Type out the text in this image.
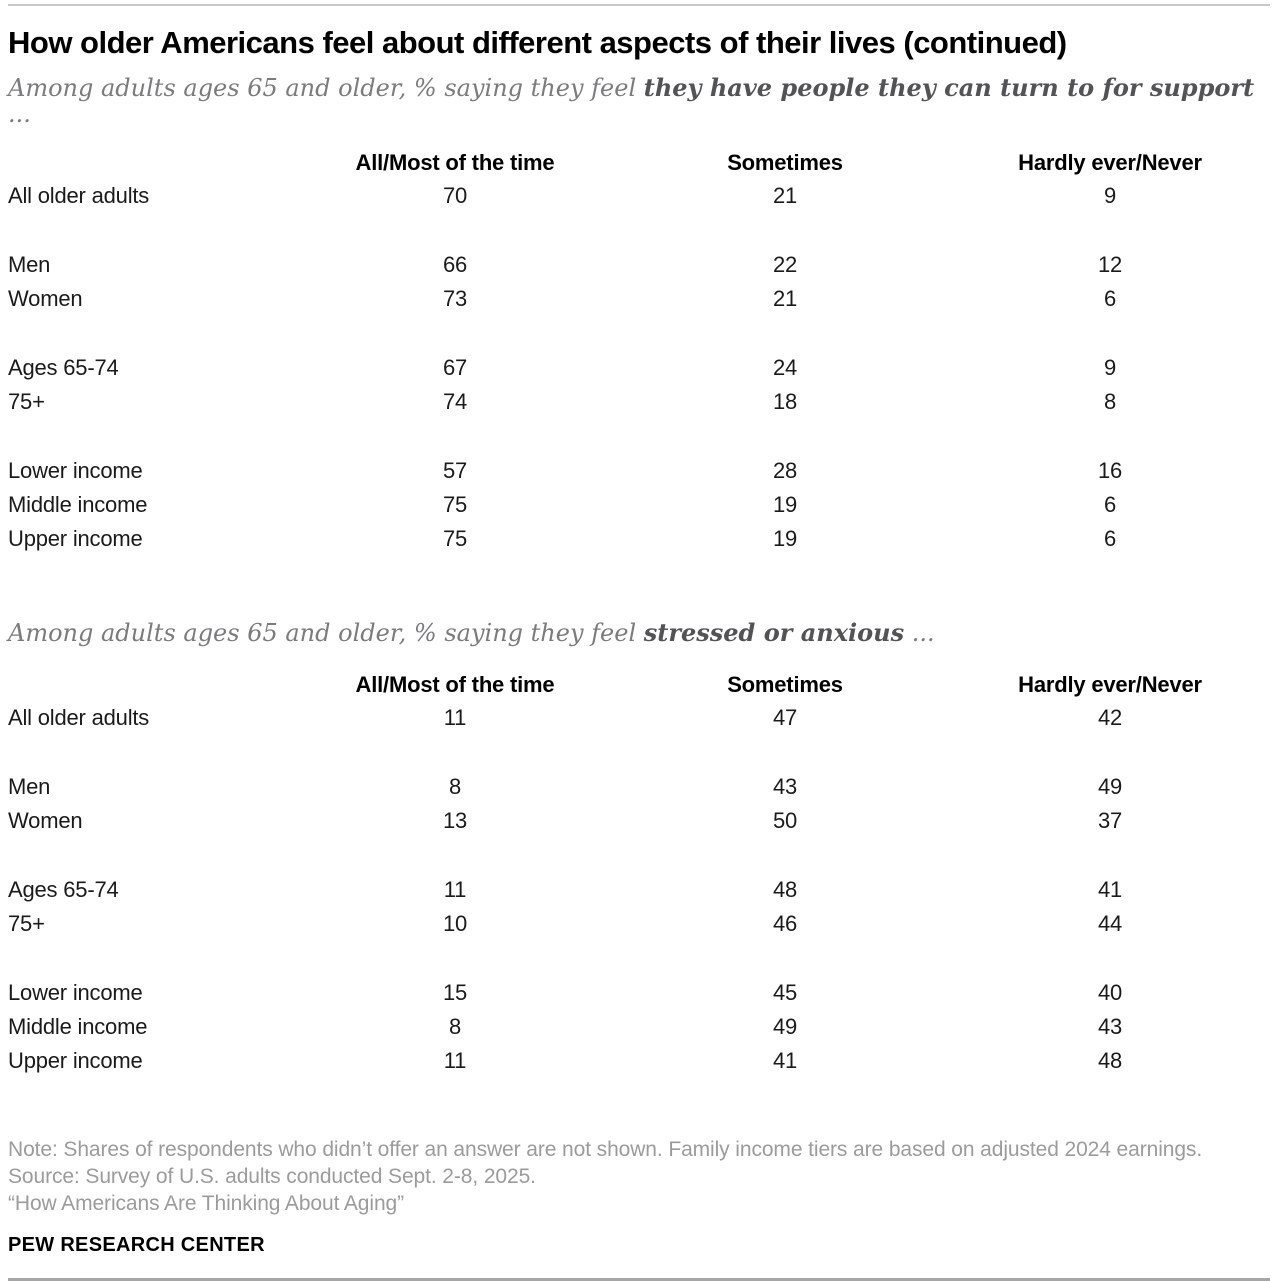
How older Americans feel about different aspects of their lives (continued)

Among adults ages 65 and older, % saying they feel they have people they can turn to for support ...

	All/Most of the time	Sometimes	Hardly ever/Never
All older adults	70	21	9

Men	66	22	12
Women	73	21	6

Ages 65-74	67	24	9
75+	74	18	8

Lower income	57	28	16
Middle income	75	19	6
Upper income	75	19	6

Among adults ages 65 and older, % saying they feel stressed or anxious ...

	All/Most of the time	Sometimes	Hardly ever/Never
All older adults	11	47	42

Men	8	43	49
Women	13	50	37

Ages 65-74	11	48	41
75+	10	46	44

Lower income	15	45	40
Middle income	8	49	43
Upper income	11	41	48

Note: Shares of respondents who didn’t offer an answer are not shown. Family income tiers are based on adjusted 2024 earnings.

Source: Survey of U.S. adults conducted Sept. 2-8, 2025.

“How Americans Are Thinking About Aging”

PEW RESEARCH CENTER
